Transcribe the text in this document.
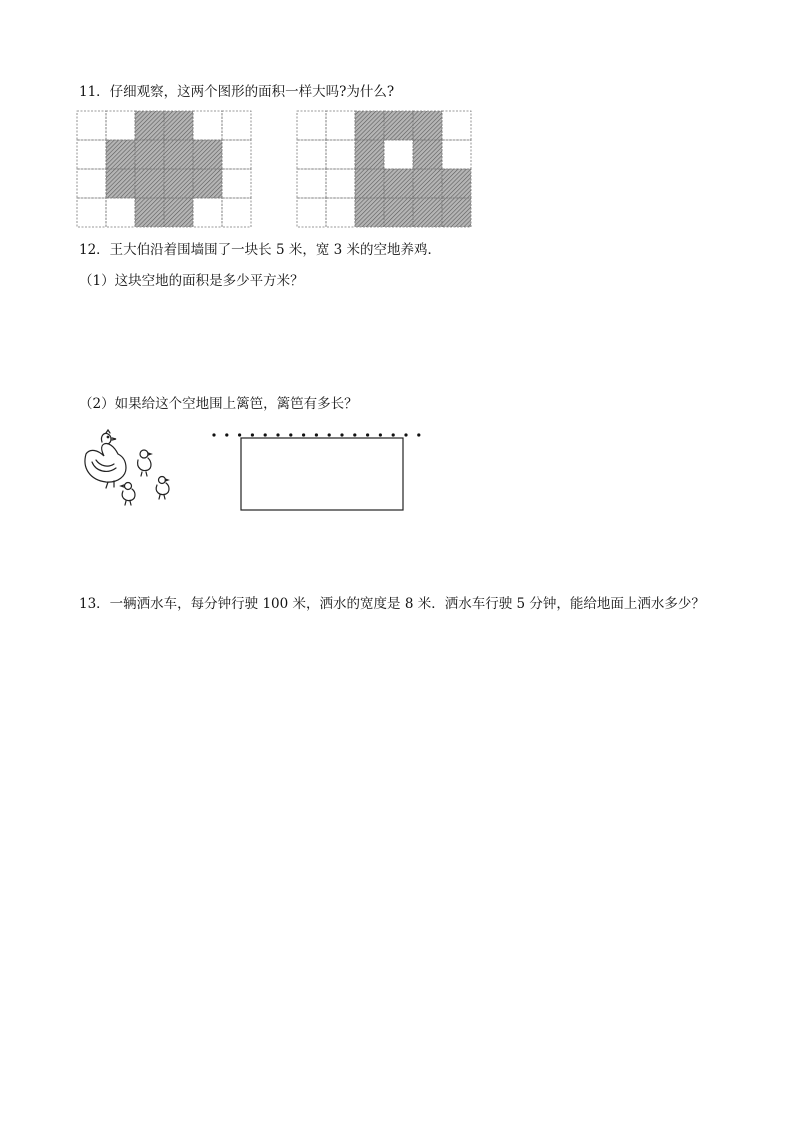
11．仔细观察，这两个图形的面积一样大吗?为什么?
12．王大伯沿着围墙围了一块长 5 米，宽 3 米的空地养鸡．
（1）这块空地的面积是多少平方米？
（2）如果给这个空地围上篱笆，篱笆有多长？
13．一辆洒水车，每分钟行驶 100 米，洒水的宽度是 8 米．洒水车行驶 5 分钟，能给地面上洒水多少？
